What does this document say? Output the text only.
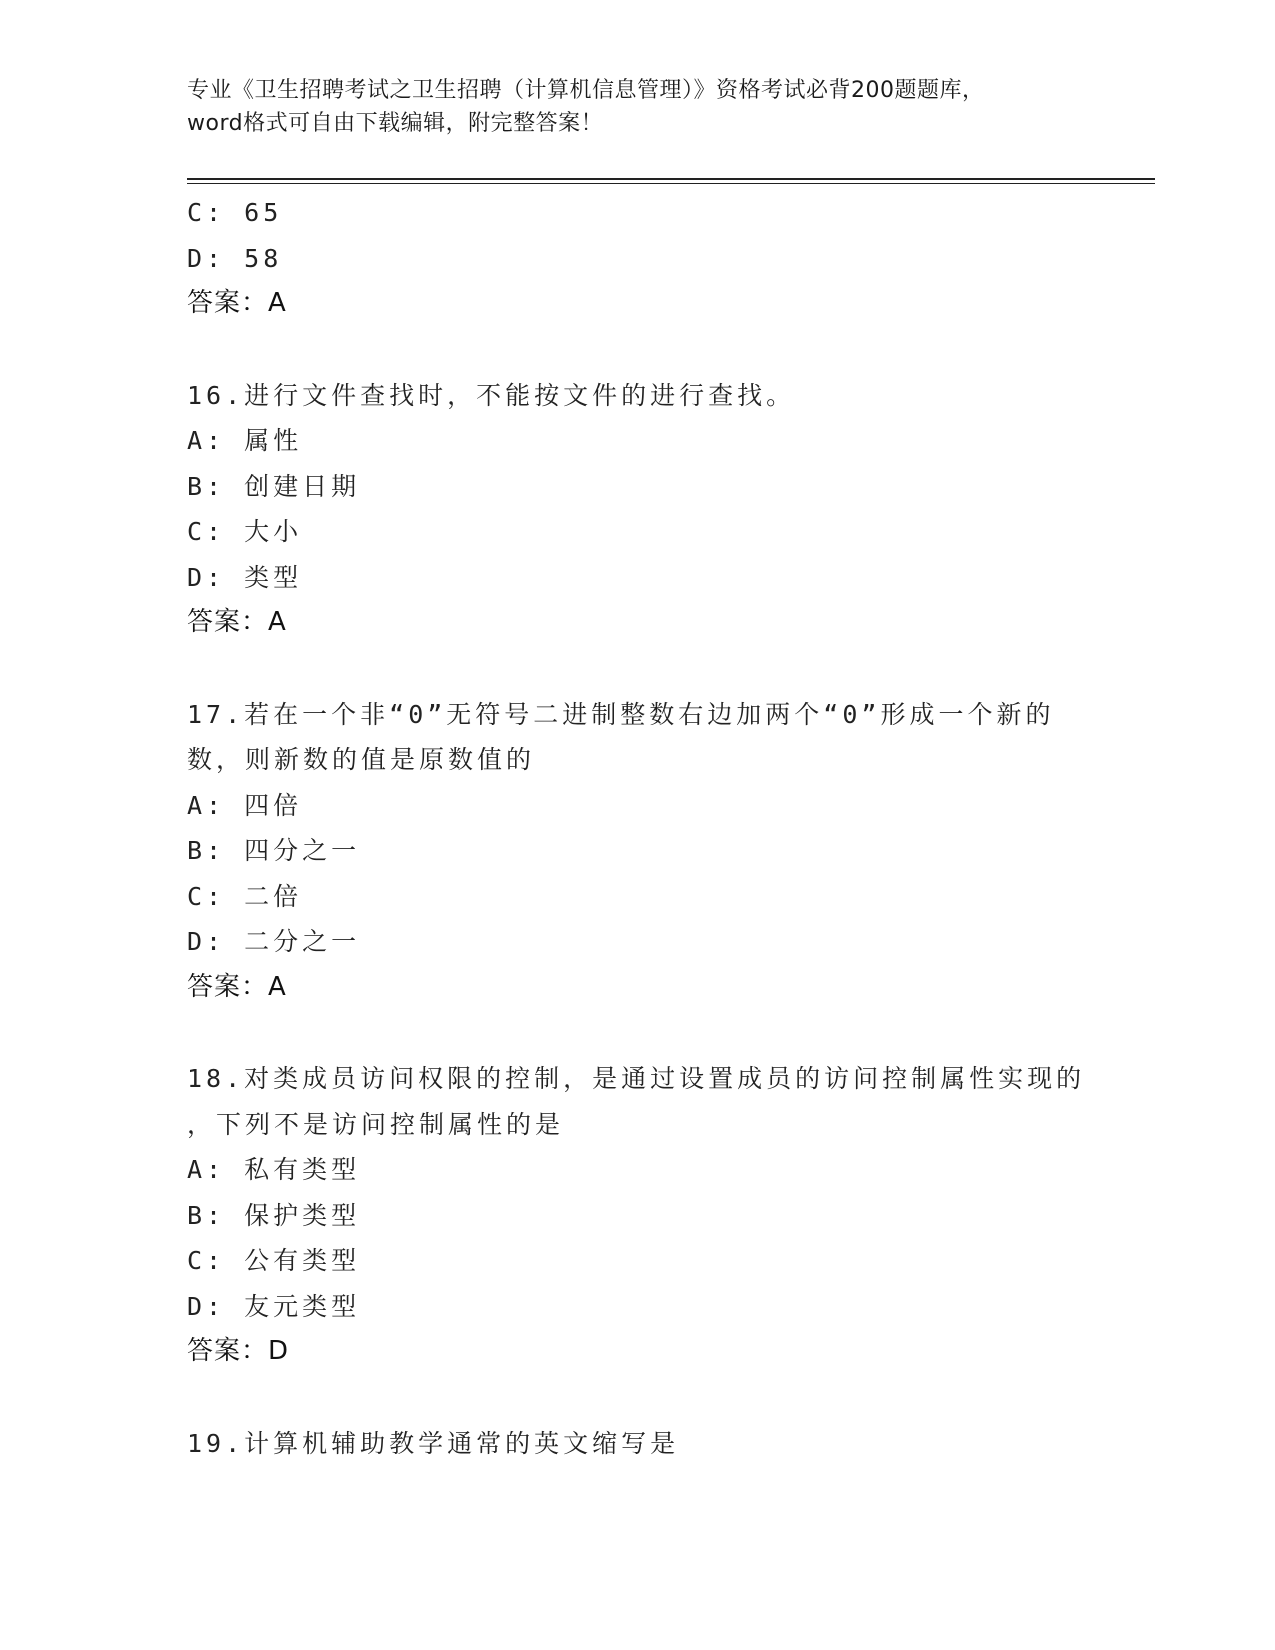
专业《卫生招聘考试之卫生招聘（计算机信息管理）》资格考试必背200题题库，
word格式可自由下载编辑，附完整答案！
C: 65
D: 58
答案：A
16.进行文件查找时，不能按文件的进行查找。
A: 属性
B: 创建日期
C: 大小
D: 类型
答案：A
17.若在一个非“0”无符号二进制整数右边加两个“0”形成一个新的
数，则新数的值是原数值的
A: 四倍
B: 四分之一
C: 二倍
D: 二分之一
答案：A
18.对类成员访问权限的控制，是通过设置成员的访问控制属性实现的
，下列不是访问控制属性的是
A: 私有类型
B: 保护类型
C: 公有类型
D: 友元类型
答案：D
19.计算机辅助教学通常的英文缩写是
